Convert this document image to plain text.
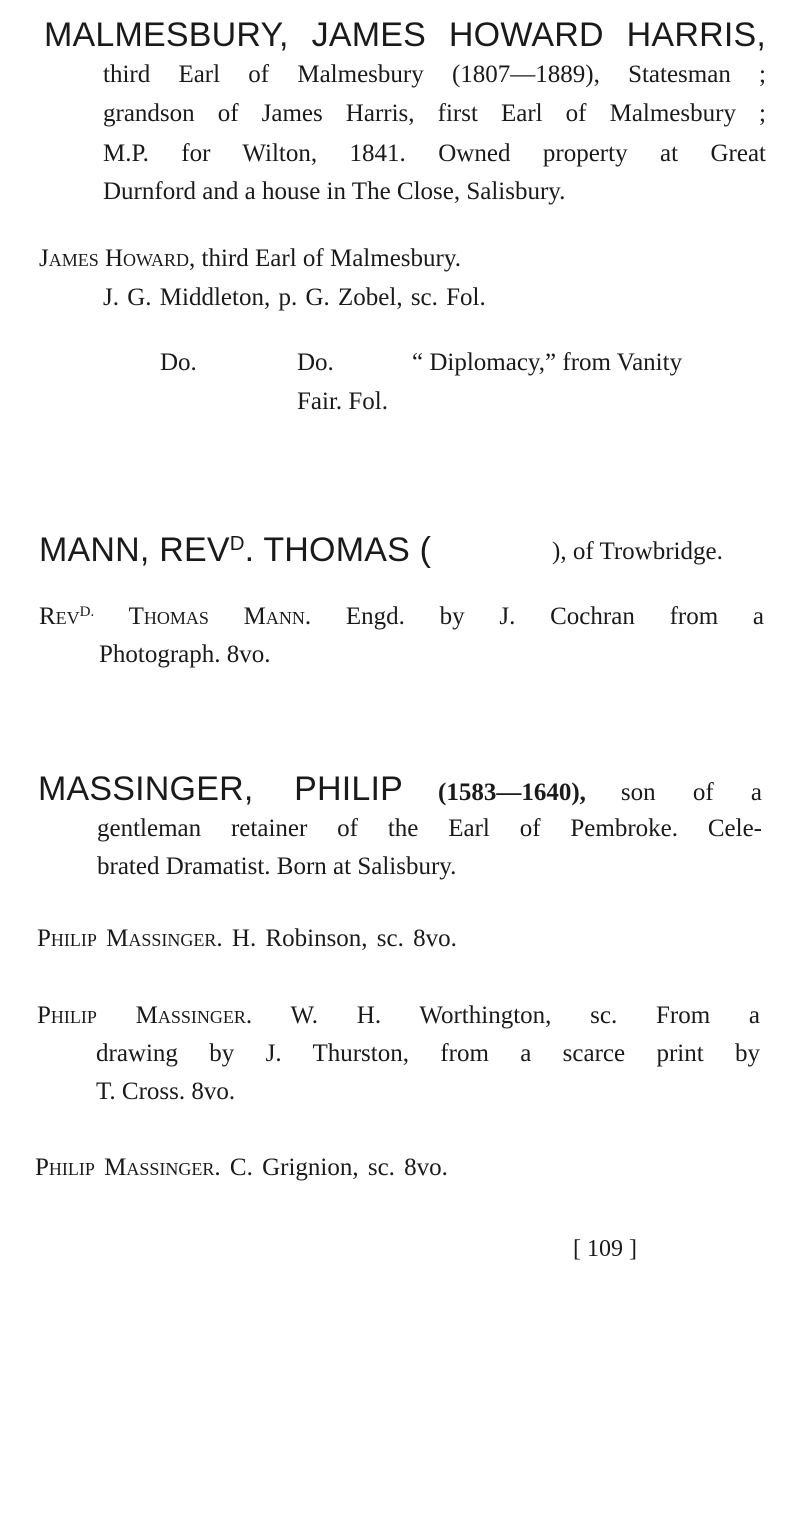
MALMESBURY, JAMES HOWARD HARRIS,
third Earl of Malmesbury (1807—1889), Statesman ;
grandson of James Harris, first Earl of Malmesbury ;
M.P. for Wilton, 1841. Owned property at Great
Durnford and a house in The Close, Salisbury.
James Howard, third Earl of Malmesbury.
J. G. Middleton, p. G. Zobel, sc. Fol.
Do.	Do.	“ Diplomacy,” from Vanity
Fair. Fol.
MANN, $REV^D$. THOMAS (	), of Trowbridge.
Rev$^{D.}$ Thomas Mann. Engd. by J. Cochran from a
Photograph. 8vo.
MASSINGER, PHILIP (1583—1640), son of a
gentleman retainer of the Earl of Pembroke. Cele-
brated Dramatist. Born at Salisbury.
Philip Massinger. H. Robinson, sc. 8vo.
Philip Massinger. W. H. Worthington, sc. From a
drawing by J. Thurston, from a scarce print by
T. Cross. 8vo.
Philip Massinger. C. Grignion, sc. 8vo.
[ 109 ]
